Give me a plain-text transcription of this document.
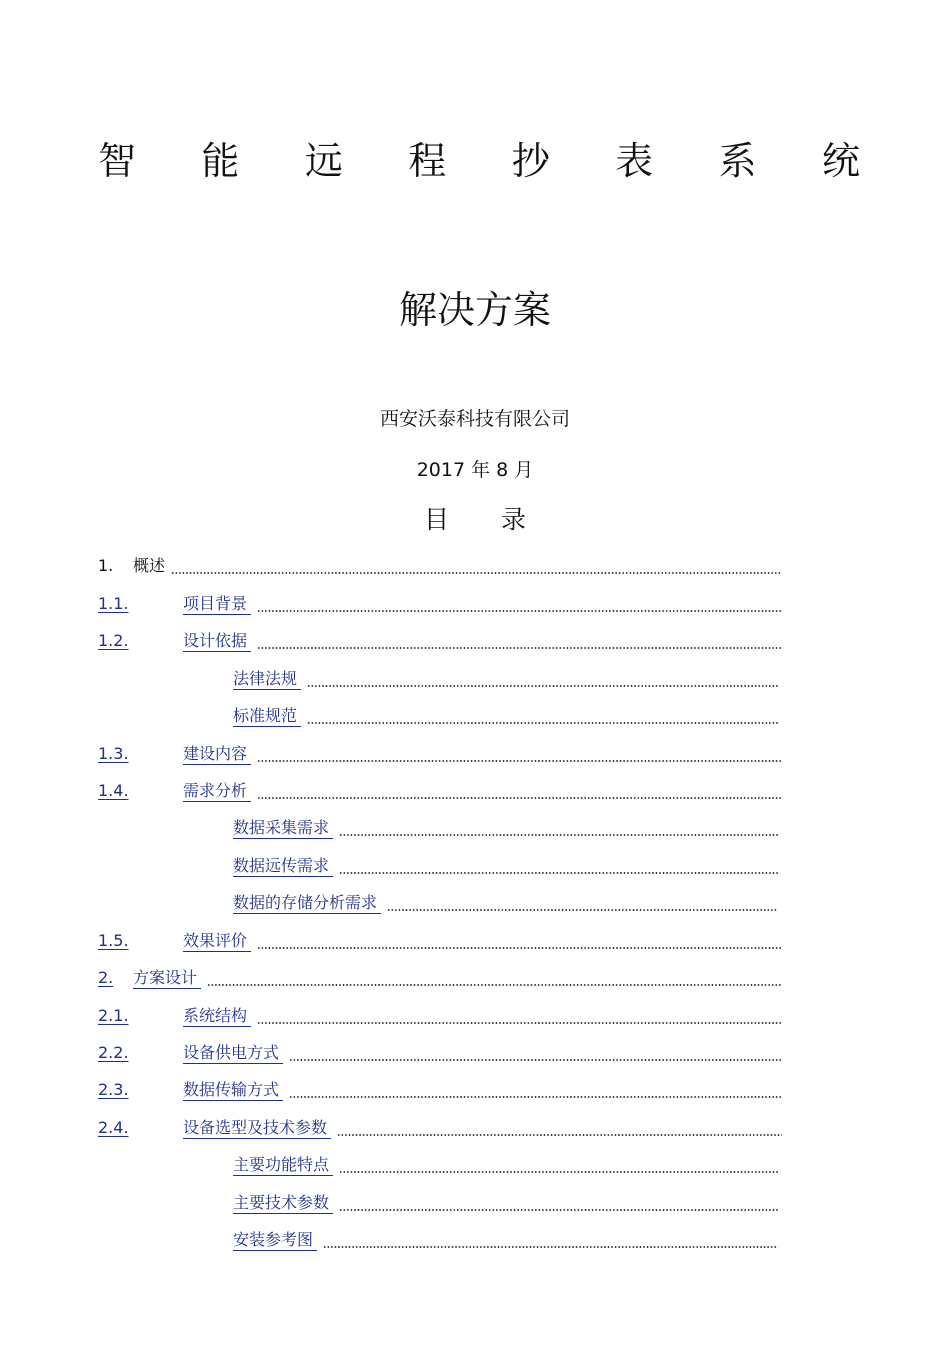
智 能 远 程 抄 表 系 统
解决方案
西安沃泰科技有限公司
2017 年 8 月
目 录
1. 概述
1.1.	项目背景
1.2.	设计依据
法律法规
标准规范
1.3.	建设内容
1.4.	需求分析
数据采集需求
数据远传需求
数据的存储分析需求
1.5.	效果评价
2. 方案设计
2.1.	系统结构
2.2.	设备供电方式
2.3.	数据传输方式
2.4.	设备选型及技术参数
主要功能特点
主要技术参数
安装参考图
